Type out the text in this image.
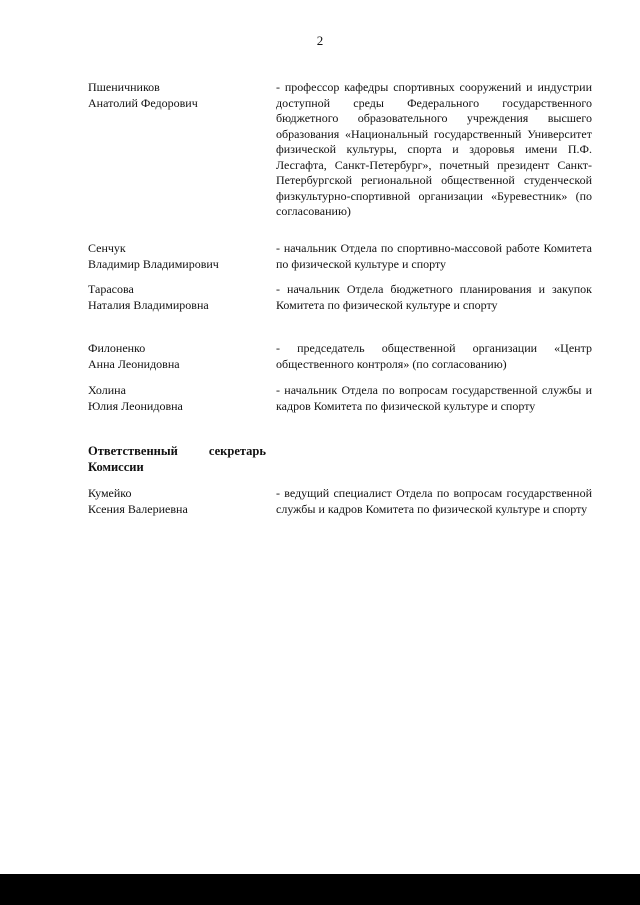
2
Пшеничников
Анатолий Федорович
- профессор кафедры спортивных сооружений и индустрии доступной среды Федерального государственного бюджетного образовательного учреждения высшего образования «Национальный государственный Университет физической культуры, спорта и здоровья имени П.Ф. Лесгафта, Санкт-Петербург», почетный президент Санкт-Петербургской региональной общественной студенческой физкультурно-спортивной организации «Буревестник» (по согласованию)
Сенчук
Владимир Владимирович
- начальник Отдела по спортивно-массовой работе Комитета по физической культуре и спорту
Тарасова
Наталия Владимировна
- начальник Отдела бюджетного планирования и закупок Комитета по физической культуре и спорту
Филоненко
Анна Леонидовна
- председатель общественной организации «Центр общественного контроля» (по согласованию)
Холина
Юлия Леонидовна
- начальник Отдела по вопросам государственной службы и кадров Комитета по физической культуре и спорту
Ответственный секретарь Комиссии
Кумейко
Ксения Валериевна
- ведущий специалист Отдела по вопросам государственной службы и кадров Комитета по физической культуре и спорту
